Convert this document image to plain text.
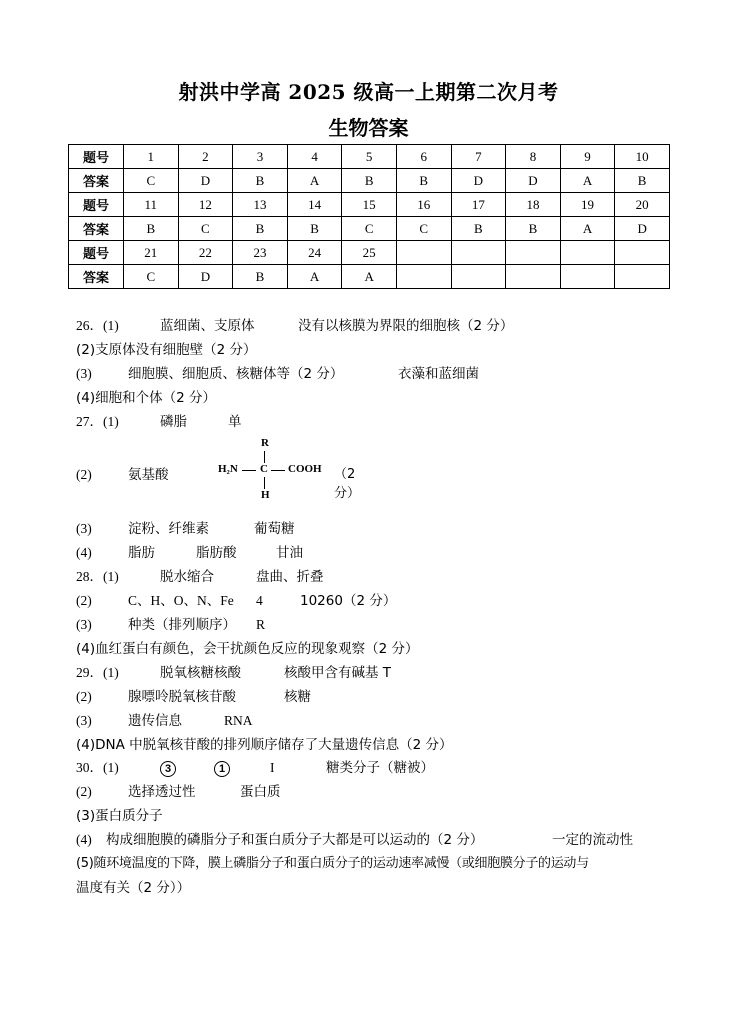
射洪中学高 2025 级高一上期第二次月考
生物答案
题号	1	2	3	4	5	6	7	8	9	10
答案	C	D	B	A	B	B	D	D	A	B
题号	11	12	13	14	15	16	17	18	19	20
答案	B	C	B	B	C	C	B	B	A	D
题号	21	22	23	24	25					
答案	C	D	B	A	A					
26．(1)	蓝细菌、支原体	没有以核膜为界限的细胞核（2 分）
(2)支原体没有细胞壁（2 分）
(3)	细胞膜、细胞质、核糖体等（2 分）	衣藻和蓝细菌
(4)细胞和个体（2 分）
27．(1)	磷脂	单
(2)	氨基酸
R
H₂N C COOH （2 分）
H
(3)	淀粉、纤维素	葡萄糖
(4)	脂肪	脂肪酸	甘油
28．(1)	脱水缩合	盘曲、折叠
(2)	C、H、O、N、Fe 4	10260（2 分）
(3)	种类（排列顺序） R
(4)血红蛋白有颜色，会干扰颜色反应的现象观察（2 分）
29．(1)	脱氧核糖核酸	核酸甲含有碱基 T
(2)	腺嘌呤脱氧核苷酸	核糖
(3)	遗传信息	RNA
(4)DNA 中脱氧核苷酸的排列顺序储存了大量遗传信息（2 分）
30．(1)	3	1	I	糖类分子（糖被）
(2)	选择透过性	蛋白质
(3)蛋白质分子
(4) 构成细胞膜的磷脂分子和蛋白质分子大都是可以运动的（2 分）	一定的流动性
(5)随环境温度的下降，膜上磷脂分子和蛋白质分子的运动速率减慢（或细胞膜分子的运动与
温度有关（2 分））
